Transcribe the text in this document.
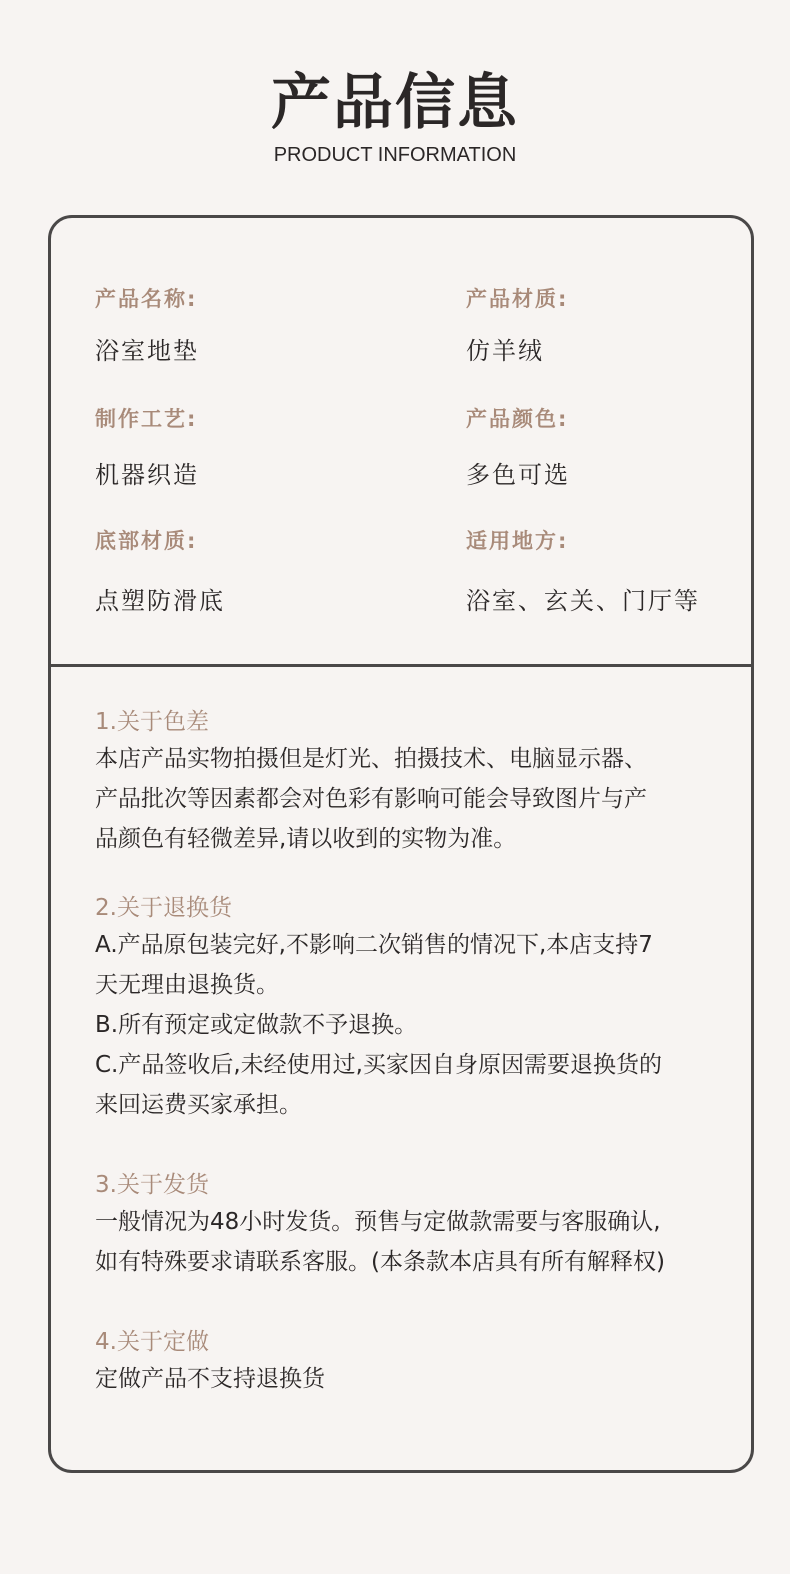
产品信息
PRODUCT INFORMATION
产品名称:
浴室地垫
产品材质:
仿羊绒
制作工艺:
机器织造
产品颜色:
多色可选
底部材质:
点塑防滑底
适用地方:
浴室、玄关、门厅等
1.关于色差
本店产品实物拍摄但是灯光、拍摄技术、电脑显示器、
产品批次等因素都会对色彩有影响可能会导致图片与产
品颜色有轻微差异,请以收到的实物为准。
2.关于退换货
A.产品原包装完好,不影响二次销售的情况下,本店支持7
天无理由退换货。
B.所有预定或定做款不予退换。
C.产品签收后,未经使用过,买家因自身原因需要退换货的
来回运费买家承担。
3.关于发货
一般情况为48小时发货。预售与定做款需要与客服确认,
如有特殊要求请联系客服。(本条款本店具有所有解释权)
4.关于定做
定做产品不支持退换货
